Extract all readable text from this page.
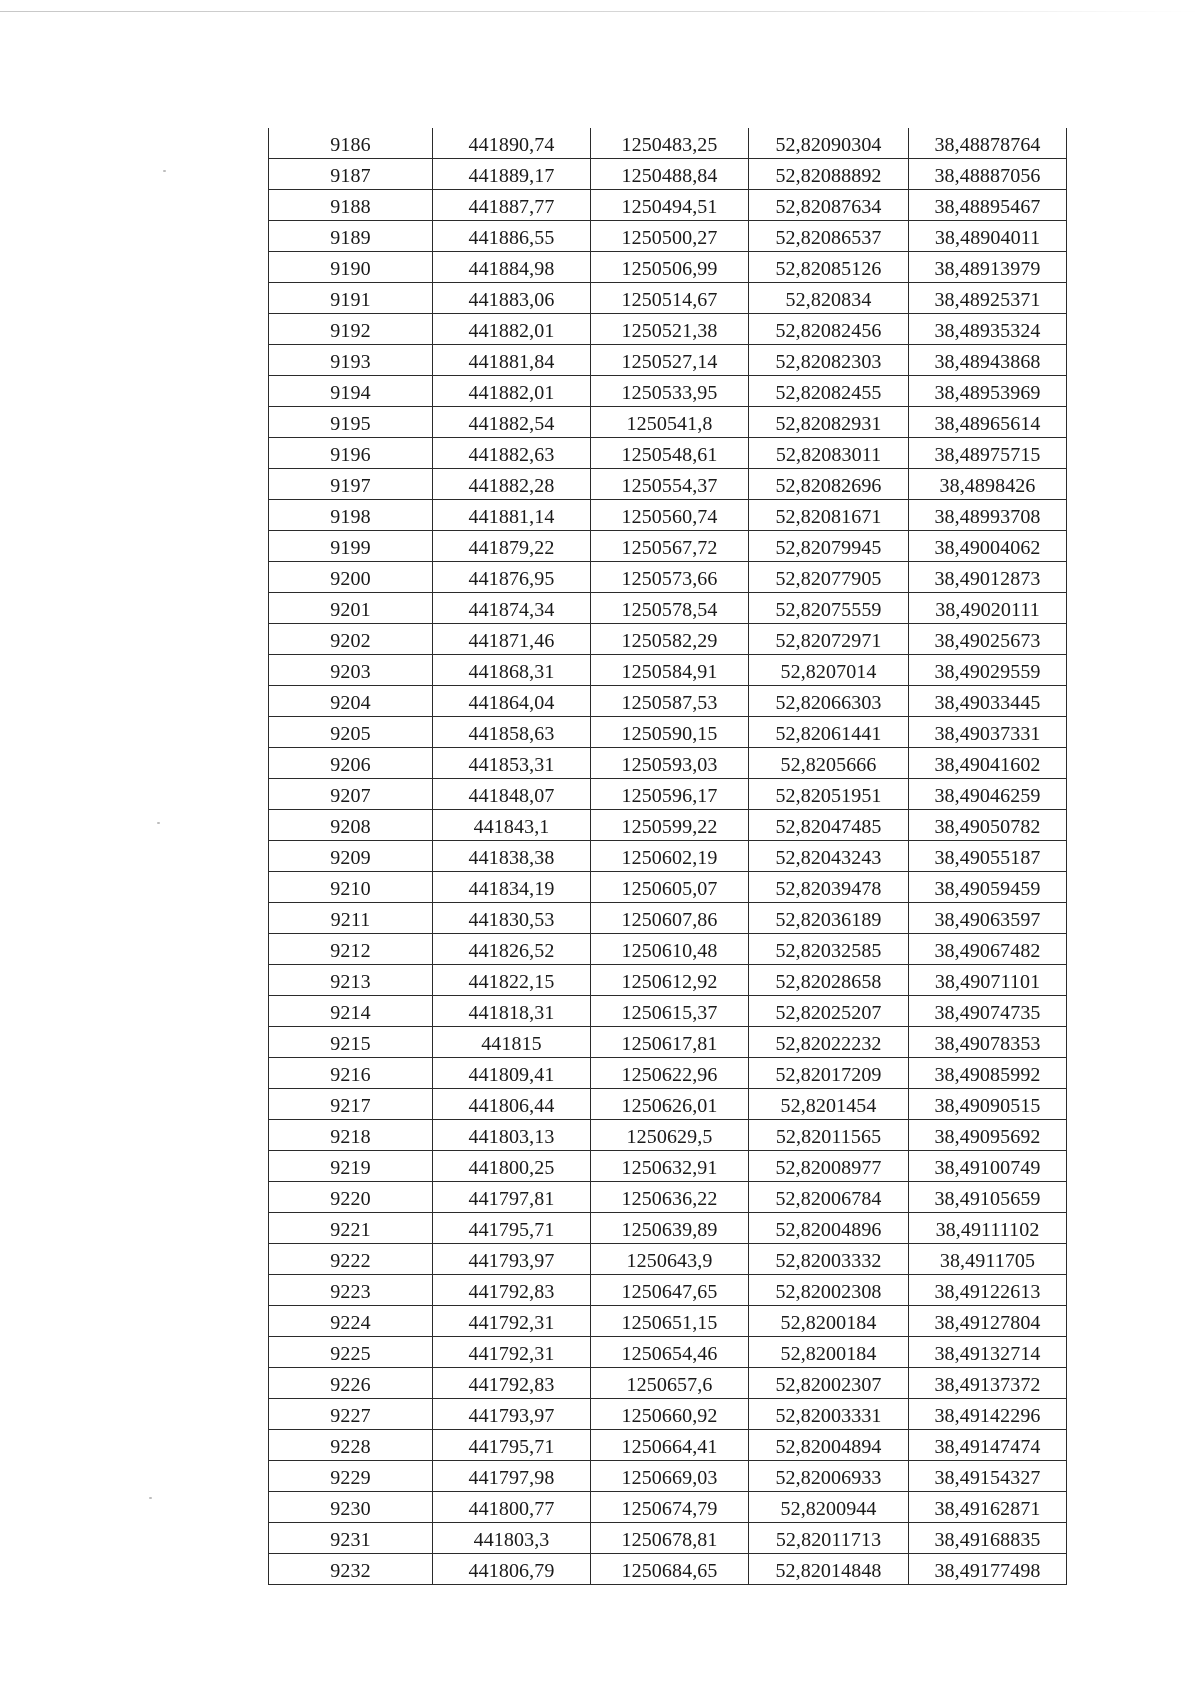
9186	441890,74	1250483,25	52,82090304	38,48878764
9187	441889,17	1250488,84	52,82088892	38,48887056
9188	441887,77	1250494,51	52,82087634	38,48895467
9189	441886,55	1250500,27	52,82086537	38,48904011
9190	441884,98	1250506,99	52,82085126	38,48913979
9191	441883,06	1250514,67	52,820834	38,48925371
9192	441882,01	1250521,38	52,82082456	38,48935324
9193	441881,84	1250527,14	52,82082303	38,48943868
9194	441882,01	1250533,95	52,82082455	38,48953969
9195	441882,54	1250541,8	52,82082931	38,48965614
9196	441882,63	1250548,61	52,82083011	38,48975715
9197	441882,28	1250554,37	52,82082696	38,4898426
9198	441881,14	1250560,74	52,82081671	38,48993708
9199	441879,22	1250567,72	52,82079945	38,49004062
9200	441876,95	1250573,66	52,82077905	38,49012873
9201	441874,34	1250578,54	52,82075559	38,49020111
9202	441871,46	1250582,29	52,82072971	38,49025673
9203	441868,31	1250584,91	52,8207014	38,49029559
9204	441864,04	1250587,53	52,82066303	38,49033445
9205	441858,63	1250590,15	52,82061441	38,49037331
9206	441853,31	1250593,03	52,8205666	38,49041602
9207	441848,07	1250596,17	52,82051951	38,49046259
9208	441843,1	1250599,22	52,82047485	38,49050782
9209	441838,38	1250602,19	52,82043243	38,49055187
9210	441834,19	1250605,07	52,82039478	38,49059459
9211	441830,53	1250607,86	52,82036189	38,49063597
9212	441826,52	1250610,48	52,82032585	38,49067482
9213	441822,15	1250612,92	52,82028658	38,49071101
9214	441818,31	1250615,37	52,82025207	38,49074735
9215	441815	1250617,81	52,82022232	38,49078353
9216	441809,41	1250622,96	52,82017209	38,49085992
9217	441806,44	1250626,01	52,8201454	38,49090515
9218	441803,13	1250629,5	52,82011565	38,49095692
9219	441800,25	1250632,91	52,82008977	38,49100749
9220	441797,81	1250636,22	52,82006784	38,49105659
9221	441795,71	1250639,89	52,82004896	38,49111102
9222	441793,97	1250643,9	52,82003332	38,4911705
9223	441792,83	1250647,65	52,82002308	38,49122613
9224	441792,31	1250651,15	52,8200184	38,49127804
9225	441792,31	1250654,46	52,8200184	38,49132714
9226	441792,83	1250657,6	52,82002307	38,49137372
9227	441793,97	1250660,92	52,82003331	38,49142296
9228	441795,71	1250664,41	52,82004894	38,49147474
9229	441797,98	1250669,03	52,82006933	38,49154327
9230	441800,77	1250674,79	52,8200944	38,49162871
9231	441803,3	1250678,81	52,82011713	38,49168835
9232	441806,79	1250684,65	52,82014848	38,49177498
